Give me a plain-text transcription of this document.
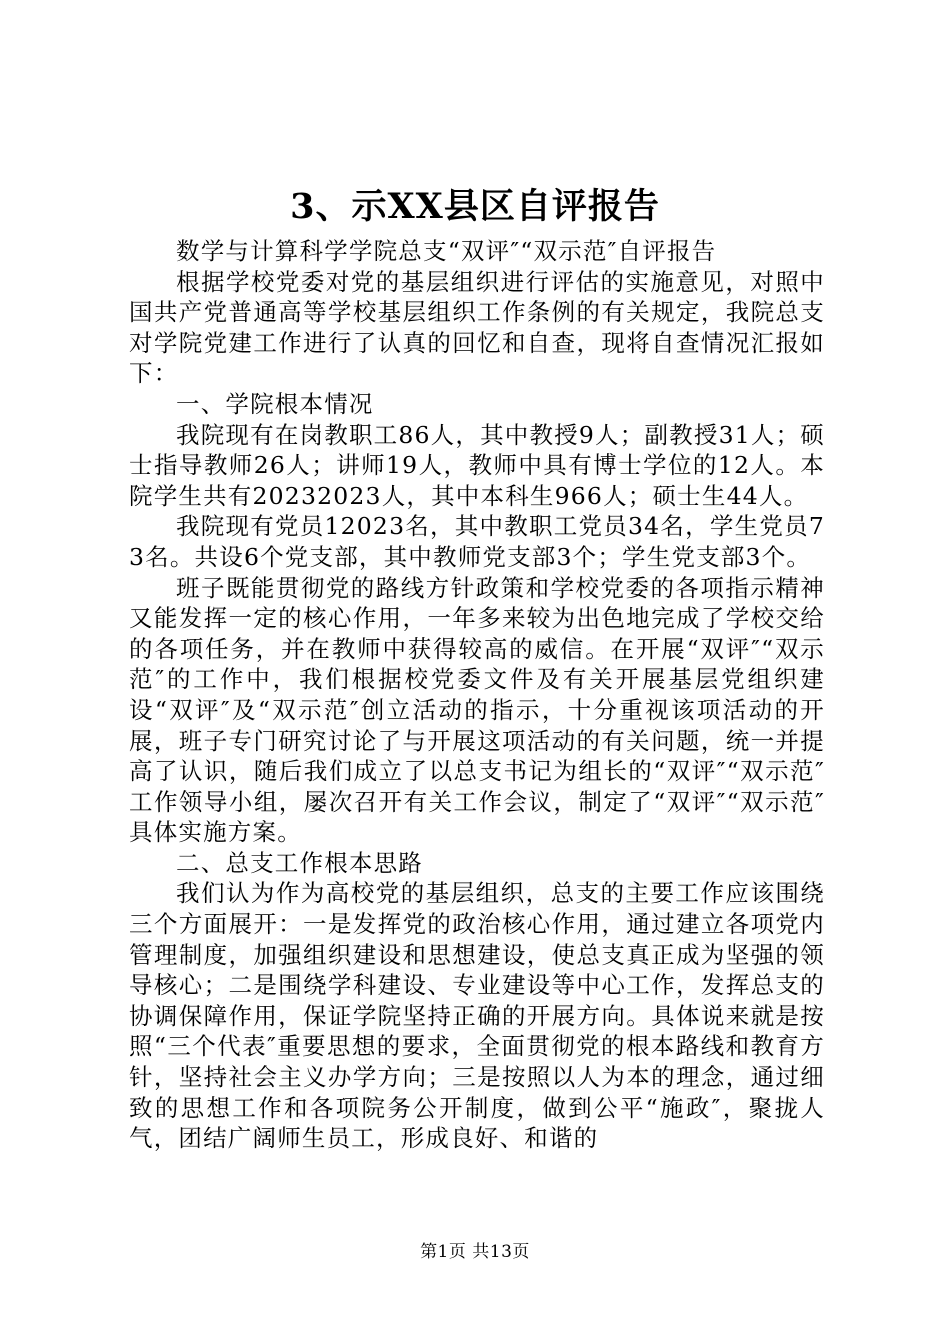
3、示XX县区自评报告

数学与计算科学学院总支“双评″“双示范″自评报告

根据学校党委对党的基层组织进行评估的实施意见，对照中国共产党普通高等学校基层组织工作条例的有关规定，我院总支对学院党建工作进行了认真的回忆和自查，现将自查情况汇报如下：

一、学院根本情况

我院现有在岗教职工86人，其中教授9人；副教授31人；硕士指导教师26人；讲师19人，教师中具有博士学位的12人。本院学生共有20232023人，其中本科生966人；硕士生44人。

我院现有党员12023名，其中教职工党员34名，学生党员73名。共设6个党支部，其中教师党支部3个；学生党支部3个。

班子既能贯彻党的路线方针政策和学校党委的各项指示精神又能发挥一定的核心作用，一年多来较为出色地完成了学校交给的各项任务，并在教师中获得较高的威信。在开展“双评″“双示范″的工作中，我们根据校党委文件及有关开展基层党组织建设“双评″及“双示范″创立活动的指示，十分重视该项活动的开展，班子专门研究讨论了与开展这项活动的有关问题，统一并提高了认识，随后我们成立了以总支书记为组长的“双评″“双示范″工作领导小组，屡次召开有关工作会议，制定了“双评″“双示范″具体实施方案。

二、总支工作根本思路

我们认为作为高校党的基层组织，总支的主要工作应该围绕三个方面展开：一是发挥党的政治核心作用，通过建立各项党内管理制度，加强组织建设和思想建设，使总支真正成为坚强的领导核心；二是围绕学科建设、专业建设等中心工作，发挥总支的协调保障作用，保证学院坚持正确的开展方向。具体说来就是按照“三个代表″重要思想的要求，全面贯彻党的根本路线和教育方针，坚持社会主义办学方向；三是按照以人为本的理念，通过细致的思想工作和各项院务公开制度，做到公平“施政″，聚拢人气，团结广阔师生员工，形成良好、和谐的

第1页 共13页
